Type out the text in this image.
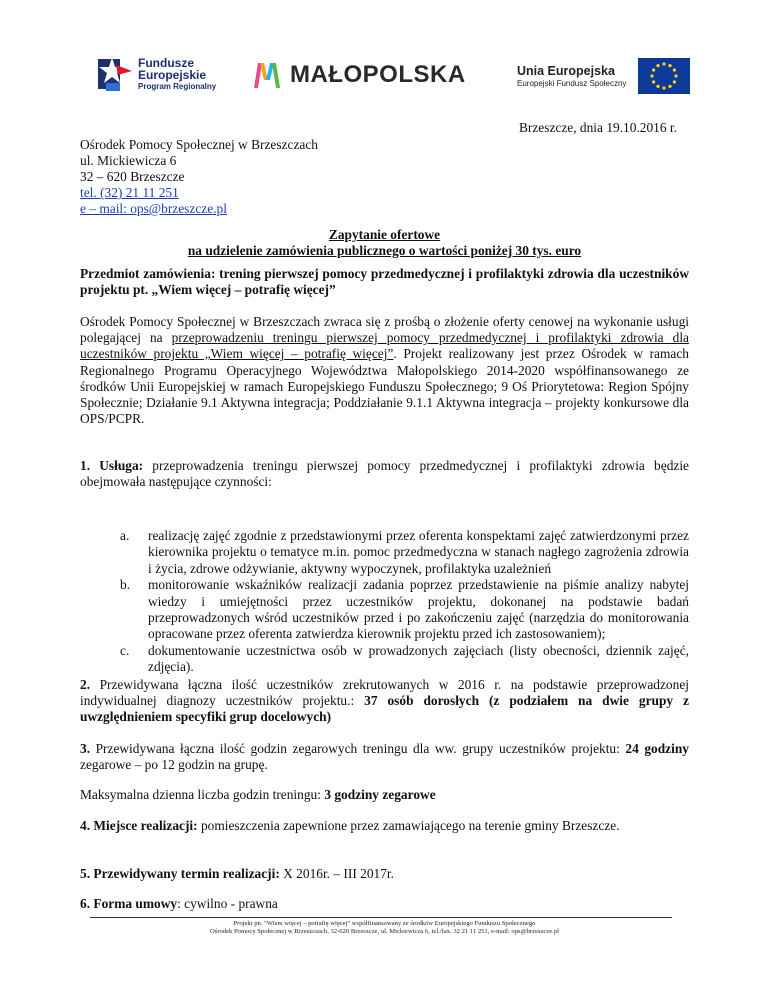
Fundusze
Europejskie
Program Regionalny	MAŁOPOLSKA	Unia Europejska
Europejski Fundusz Społeczny
Brzeszcze, dnia 19.10.2016 r.
Ośrodek Pomocy Społecznej w Brzeszczach
ul. Mickiewicza 6
32 – 620 Brzeszcze
tel. (32) 21 11 251
e – mail: ops@brzeszcze.pl
Zapytanie ofertowe
na udzielenie zamówienia publicznego o wartości poniżej 30 tys. euro
Przedmiot zamówienia: trening pierwszej pomocy przedmedycznej i profilaktyki zdrowia dla uczestników projektu pt. „Wiem więcej – potrafię więcej”
Ośrodek Pomocy Społecznej w Brzeszczach zwraca się z prośbą o złożenie oferty cenowej na wykonanie usługi polegającej na przeprowadzeniu treningu pierwszej pomocy przedmedycznej i profilaktyki zdrowia dla uczestników projektu „Wiem więcej – potrafię więcej”. Projekt realizowany jest przez Ośrodek w ramach Regionalnego Programu Operacyjnego Województwa Małopolskiego 2014-2020 współfinansowanego ze środków Unii Europejskiej w ramach Europejskiego Funduszu Społecznego; 9 Oś Priorytetowa: Region Spójny Społecznie; Działanie 9.1 Aktywna integracja; Poddziałanie 9.1.1 Aktywna integracja – projekty konkursowe dla OPS/PCPR.
1. Usługa: przeprowadzenia treningu pierwszej pomocy przedmedycznej i profilaktyki zdrowia będzie obejmowała następujące czynności:
a. realizację zajęć zgodnie z przedstawionymi przez oferenta konspektami zajęć zatwierdzonymi przez kierownika projektu o tematyce m.in. pomoc przedmedyczna w stanach nagłego zagrożenia zdrowia i życia, zdrowe odżywianie, aktywny wypoczynek, profilaktyka uzależnień
b. monitorowanie wskaźników realizacji zadania poprzez przedstawienie na piśmie analizy nabytej wiedzy i umiejętności przez uczestników projektu, dokonanej na podstawie badań przeprowadzonych wśród uczestników przed i po zakończeniu zajęć (narzędzia do monitorowania opracowane przez oferenta zatwierdza kierownik projektu przed ich zastosowaniem);
c. dokumentowanie uczestnictwa osób w prowadzonych zajęciach (listy obecności, dziennik zajęć, zdjęcia).
2. Przewidywana łączna ilość uczestników zrekrutowanych w 2016 r. na podstawie przeprowadzonej indywidualnej diagnozy uczestników projektu.: 37 osób dorosłych (z podziałem na dwie grupy z uwzględnieniem specyfiki grup docelowych)
3. Przewidywana łączna ilość godzin zegarowych treningu dla ww. grupy uczestników projektu: 24 godziny zegarowe – po 12 godzin na grupę.
Maksymalna dzienna liczba godzin treningu: 3 godziny zegarowe
4. Miejsce realizacji: pomieszczenia zapewnione przez zamawiającego na terenie gminy Brzeszcze.
5. Przewidywany termin realizacji: X 2016r. – III 2017r.
6. Forma umowy: cywilno - prawna
Projekt pn. "Wiem więcej – potrafię więcej" współfinansowany ze środków Europejskiego Funduszu Społecznego
Ośrodek Pomocy Społecznej w Brzeszczach, 32-620 Brzeszcze, ul. Mickiewicza 6, tel./fax. 32 21 11 251, e-mail: ops@brzeszcze.pl
